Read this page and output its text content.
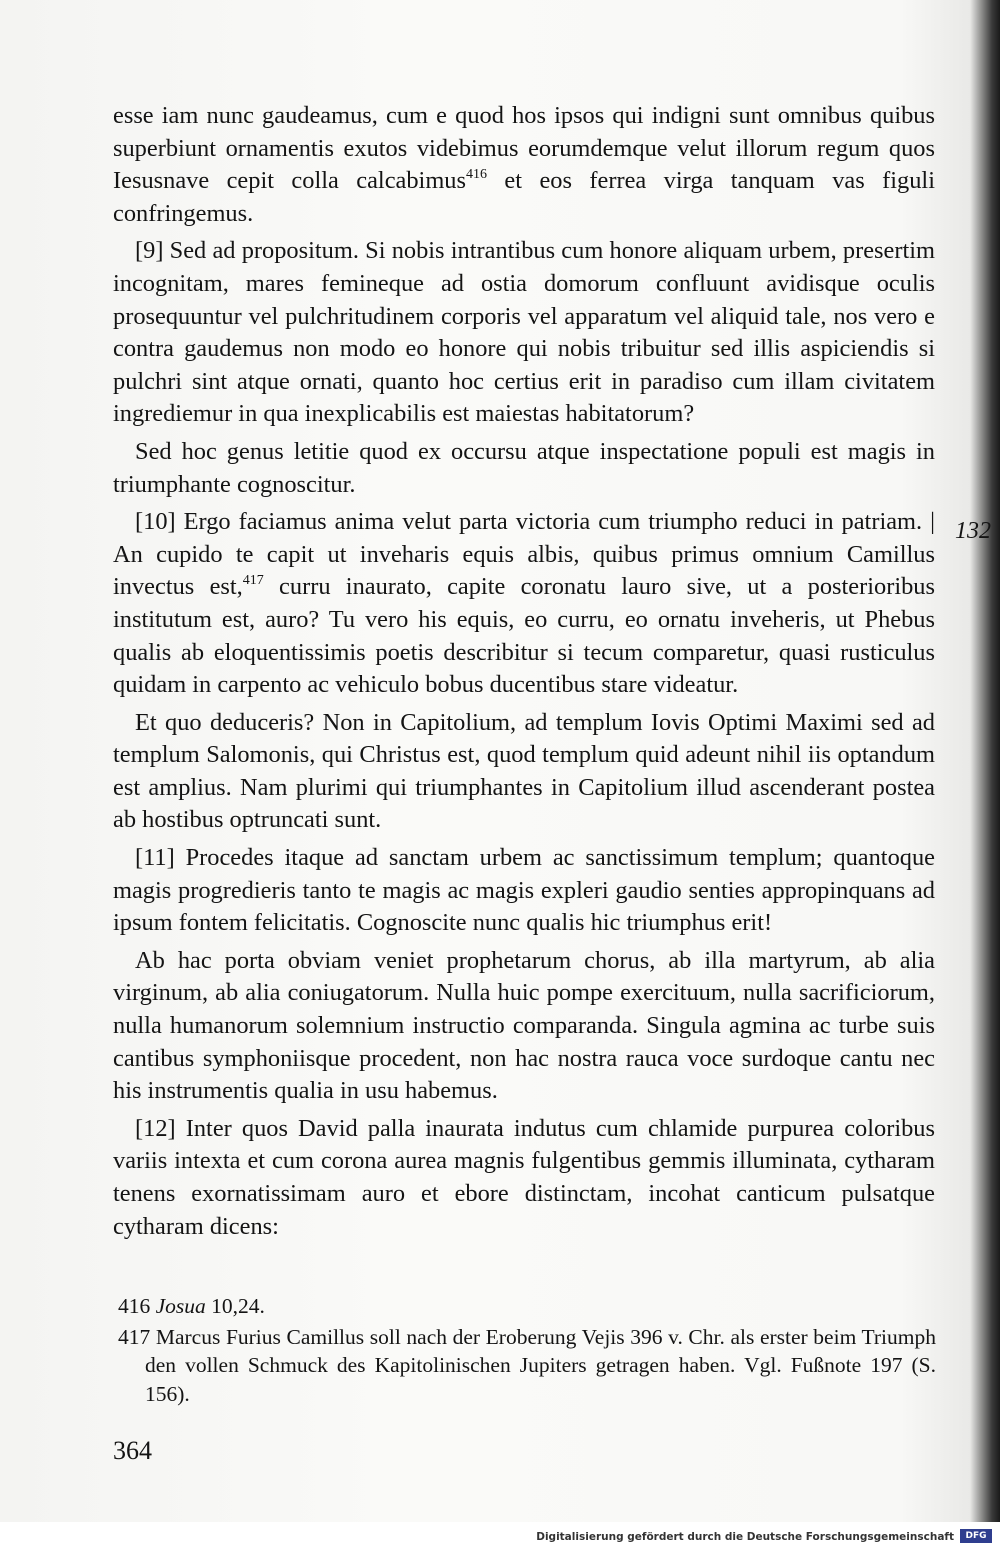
esse iam nunc gaudeamus, cum e quod hos ipsos qui indigni sunt omnibus quibus superbiunt ornamentis exutos videbimus eorumdemque velut illorum regum quos Iesusnave cepit colla calcabimus$^{416}$ et eos ferrea virga tanquam vas figuli confringemus.

[9] Sed ad propositum. Si nobis intrantibus cum honore aliquam urbem, presertim incognitam, mares femineque ad ostia domorum confluunt avidisque oculis prosequuntur vel pulchritudinem corporis vel apparatum vel aliquid tale, nos vero e contra gaudemus non modo eo honore qui nobis tribuitur sed illis aspiciendis si pulchri sint atque ornati, quanto hoc certius erit in paradiso cum illam civitatem ingrediemur in qua inexplicabilis est maiestas habitatorum?

Sed hoc genus letitie quod ex occursu atque inspectatione populi est magis in triumphante cognoscitur.

[10] Ergo faciamus anima velut parta victoria cum triumpho reduci in patriam. | An cupido te capit ut inveharis equis albis, quibus primus omnium Camillus invectus est,$^{417}$ curru inaurato, capite coronatu lauro sive, ut a posterioribus institutum est, auro? Tu vero his equis, eo curru, eo ornatu inveheris, ut Phebus qualis ab eloquentissimis poetis describitur si tecum comparetur, quasi rusticulus quidam in carpento ac vehiculo bobus ducentibus stare videatur.

Et quo deduceris? Non in Capitolium, ad templum Iovis Optimi Maximi sed ad templum Salomonis, qui Christus est, quod templum quid adeunt nihil iis optandum est amplius. Nam plurimi qui triumphantes in Capitolium illud ascenderant postea ab hostibus optruncati sunt.

[11] Procedes itaque ad sanctam urbem ac sanctissimum templum; quantoque magis progredieris tanto te magis ac magis expleri gaudio senties appropinquans ad ipsum fontem felicitatis. Cognoscite nunc qualis hic triumphus erit!

Ab hac porta obviam veniet prophetarum chorus, ab illa martyrum, ab alia virginum, ab alia coniugatorum. Nulla huic pompe exercituum, nulla sacrificiorum, nulla humanorum solemnium instructio comparanda. Singula agmina ac turbe suis cantibus symphoniisque procedent, non hac nostra rauca voce surdoque cantu nec his instrumentis qualia in usu habemus.

[12] Inter quos David palla inaurata indutus cum chlamide purpurea coloribus variis intexta et cum corona aurea magnis fulgentibus gemmis illuminata, cytharam tenens exornatissimam auro et ebore distinctam, incohat canticum pulsatque cytharam dicens:

132
416 Josua 10,24.
417 Marcus Furius Camillus soll nach der Eroberung Vejis 396 v. Chr. als erster beim Triumph den vollen Schmuck des Kapitolinischen Jupiters getragen haben. Vgl. Fußnote 197 (S. 156).
364
Digitalisierung gefördert durch die Deutsche Forschungsgemeinschaft	DFG
